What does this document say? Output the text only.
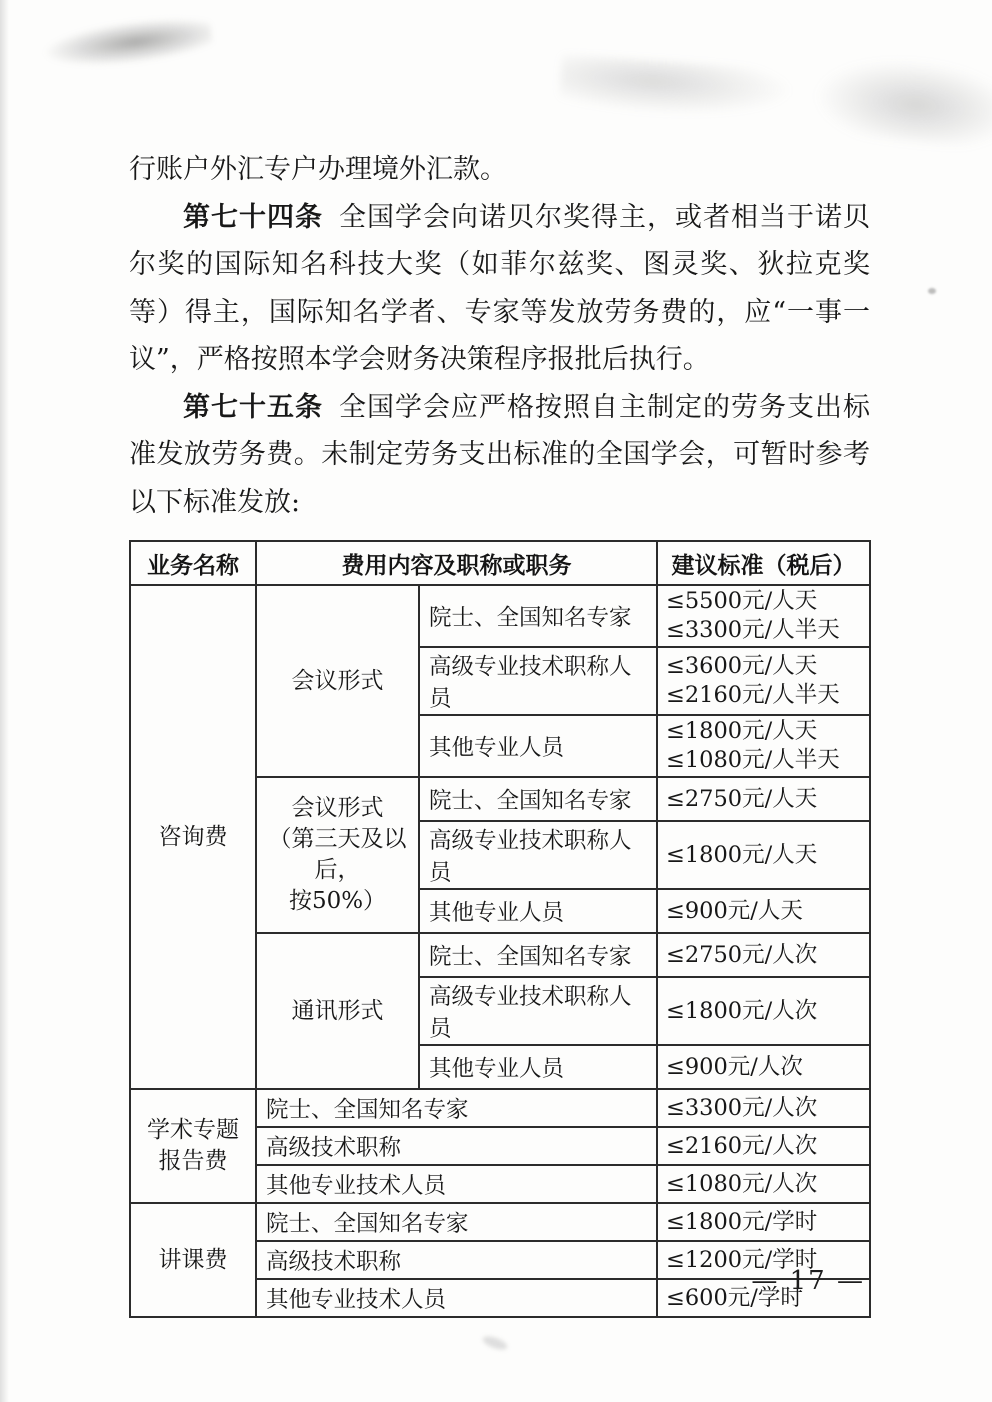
行账户外汇专户办理境外汇款。

第七十四条 全国学会向诺贝尔奖得主，或者相当于诺贝尔奖的国际知名科技大奖（如菲尔兹奖、图灵奖、狄拉克奖等）得主，国际知名学者、专家等发放劳务费的，应“一事一议”，严格按照本学会财务决策程序报批后执行。

第七十五条 全国学会应严格按照自主制定的劳务支出标准发放劳务费。未制定劳务支出标准的全国学会，可暂时参考以下标准发放:

业务名称	费用内容及职称或职务		建议标准（税后）
咨询费	会议形式	院士、全国知名专家	≤5500元/人天
≤3300元/人半天

		高级专业技术职称人员	≤3600元/人天
≤2160元/人半天

		其他专业人员	≤1800元/人天
≤1080元/人半天

	会议形式
（第三天及以后，
按50%）	院士、全国知名专家	≤2750元/人天

		高级专业技术职称人员	≤1800元/人天

		其他专业人员	≤900元/人天

	通讯形式	院士、全国知名专家	≤2750元/人次

		高级专业技术职称人员	≤1800元/人次

		其他专业人员	≤900元/人次

学术专题
报告费	院士、全国知名专家		≤3300元/人次

	高级技术职称		≤2160元/人次

	其他专业技术人员		≤1080元/人次

讲课费	院士、全国知名专家		≤1800元/学时

	高级技术职称		≤1200元/学时

	其他专业技术人员		≤600元/学时
— 17 —
